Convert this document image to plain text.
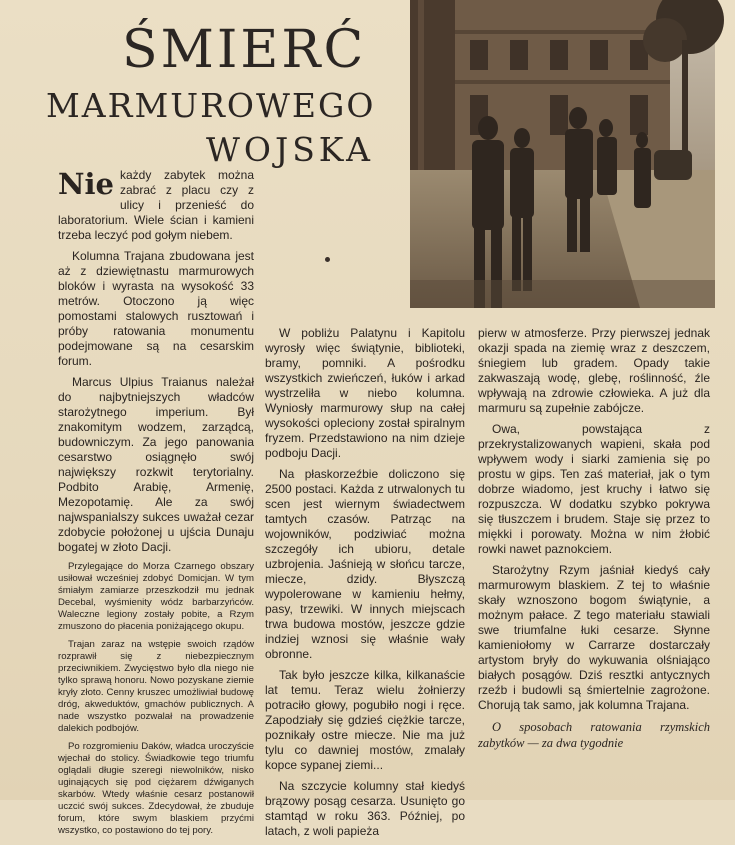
ŚMIERĆ
MARMUROWEGO
WOJSKA

Nie każdy zabytek można zabrać z placu czy z ulicy i przenieść do laboratorium. Wiele ścian i kamieni trzeba leczyć pod gołym niebem.

Kolumna Trajana zbudowana jest aż z dziewiętnastu marmurowych bloków i wyrasta na wysokość 33 metrów. Otoczono ją więc pomostami stalowych rusztowań i próby ratowania monumentu podejmowane są na cesarskim forum.

Marcus Ulpius Traianus należał do najbytniejszych władców starożytnego imperium. Był znakomitym wodzem, zarządcą, budowniczym. Za jego panowania cesarstwo osiągnęło swój największy rozkwit terytorialny. Podbito Arabię, Armenię, Mezopotamię. Ale za swój najwspanialszy sukces uważał cezar zdobycie położonej u ujścia Dunaju bogatej w złoto Dacji.

Przylegające do Morza Czarnego obszary usiłował wcześniej zdobyć Domicjan. W tym śmiałym zamiarze przeszkodził mu jednak Decebal, wyśmienity wódz barbarzyńców. Waleczne legiony zostały pobite, a Rzym zmuszono do płacenia poniżającego okupu.

Trajan zaraz na wstępie swoich rządów rozprawił się z niebezpiecznym przeciwnikiem. Zwycięstwo było dla niego nie tylko sprawą honoru. Nowo pozyskane ziemie kryły złoto. Cenny kruszec umożliwiał budowę dróg, akweduktów, gmachów publicznych. A nade wszystko pozwalał na prowadzenie dalekich podbojów.

Po rozgromieniu Daków, władca uroczyście wjechał do stolicy. Świadkowie tego triumfu oglądali długie szeregi niewolników, nisko uginających się pod ciężarem dźwiganych skarbów. Wtedy właśnie cesarz postanowił uczcić swój sukces. Zdecydował, że zbuduje forum, które swym blaskiem przyćmi wszystko, co postawiono do tej pory.

W pobliżu Palatynu i Kapitolu wyrosły więc świątynie, biblioteki, bramy, pomniki. A pośrodku wszystkich zwieńczeń, łuków i arkad wystrzeliła w niebo kolumna. Wyniosły marmurowy słup na całej wysokości opleciony został spiralnym fryzem. Przedstawiono na nim dzieje podboju Dacji.

Na płaskorzeźbie doliczono się 2500 postaci. Każda z utrwalonych tu scen jest wiernym świadectwem tamtych czasów. Patrząc na wojowników, podziwiać można szczegóły ich ubioru, detale uzbrojenia. Jaśnieją w słońcu tarcze, miecze, dzidy. Błyszczą wypolerowane w kamieniu hełmy, pasy, trzewiki. W innych miejscach trwa budowa mostów, jeszcze gdzie indziej wznosi się właśnie wały obronne.

Tak było jeszcze kilka, kilkanaście lat temu. Teraz wielu żołnierzy potraciło głowy, pogubiło nogi i ręce. Zapodziały się gdzieś ciężkie tarcze, poznikały ostre miecze. Nie ma już tylu co dawniej mostów, zmalały kopce sypanej ziemi...

Na szczycie kolumny stał kiedyś brązowy posąg cesarza. Usunięto go stamtąd w roku 363. Później, po latach, z woli papieża

pierw w atmosferze. Przy pierwszej jednak okazji spada na ziemię wraz z deszczem, śniegiem lub gradem. Opady takie zakwaszają wodę, glebę, roślinność, źle wpływają na zdrowie człowieka. A już dla marmuru są zupełnie zabójcze.

Owa, powstająca z przekrystalizowanych wapieni, skała pod wpływem wody i siarki zamienia się po prostu w gips. Ten zaś materiał, jak o tym dobrze wiadomo, jest kruchy i łatwo się rozpuszcza. W dodatku szybko pokrywa się tłuszczem i brudem. Staje się przez to miękki i porowaty. Można w nim żłobić rowki nawet paznokciem.

Starożytny Rzym jaśniał kiedyś cały marmurowym blaskiem. Z tej to właśnie skały wznoszono bogom świątynie, a możnym pałace. Z tego materiału stawiali swe triumfalne łuki cesarze. Słynne kamieniołomy w Carrarze dostarczały artystom bryły do wykuwania olśniająco białych posągów. Dziś resztki antycznych rzeźb i budowli są śmiertelnie zagrożone. Chorują tak samo, jak kolumna Trajana.

O sposobach ratowania rzymskich zabytków — za dwa tygodnie
